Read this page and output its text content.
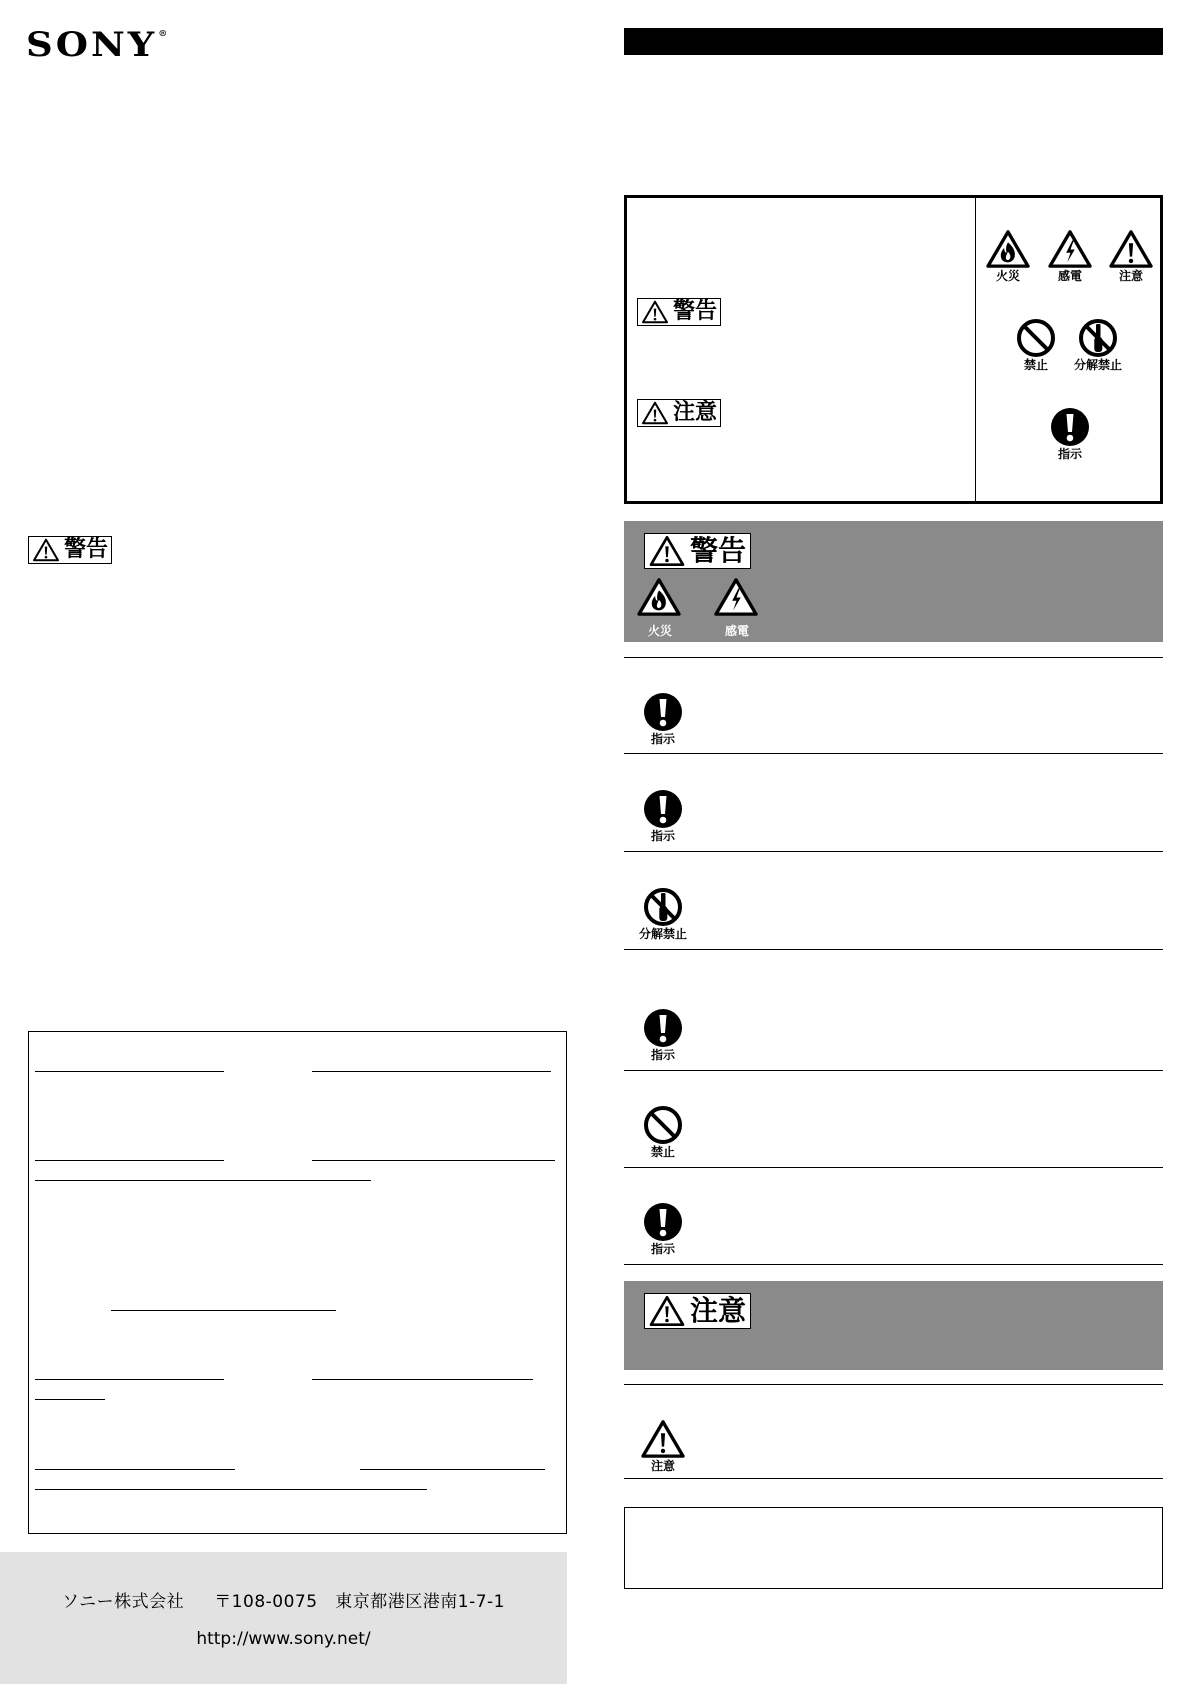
SONY®
警告
ソニー株式会社 〒108-0075 東京都港区港南1-7-1
http://www.sony.net/
警告
注意
火災	感電	注意
禁止 分解禁止
指示
警告
火災	感電
指示
指示
分解禁止
指示
禁止
指示
注意
注意
